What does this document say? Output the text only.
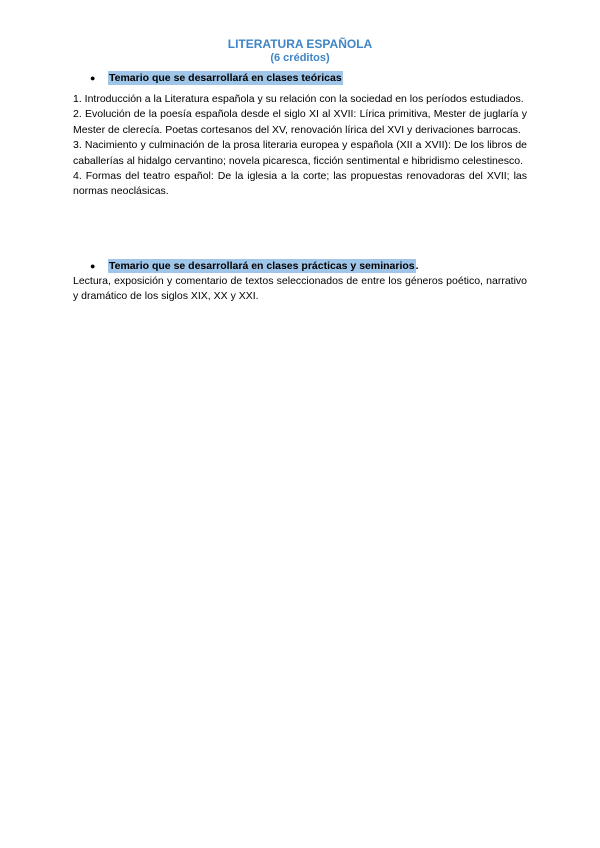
LITERATURA ESPAÑOLA
(6 créditos)
●	Temario que se desarrollará en clases teóricas

1. Introducción a la Literatura española y su relación con la sociedad en los períodos estudiados.

2. Evolución de la poesía española desde el siglo XI al XVII: Lírica primitiva, Mester de juglaría y Mester de clerecía. Poetas cortesanos del XV, renovación lírica del XVI y derivaciones barrocas.

3. Nacimiento y culminación de la prosa literaria europea y española (XII a XVII): De los libros de caballerías al hidalgo cervantino; novela picaresca, ficción sentimental e hibridismo celestinesco.

4. Formas del teatro español: De la iglesia a la corte; las propuestas renovadoras del XVII; las normas neoclásicas.

●	Temario que se desarrollará en clases prácticas y seminarios .

Lectura, exposición y comentario de textos seleccionados de entre los géneros poético, narrativo y dramático de los siglos XIX, XX y XXI.
